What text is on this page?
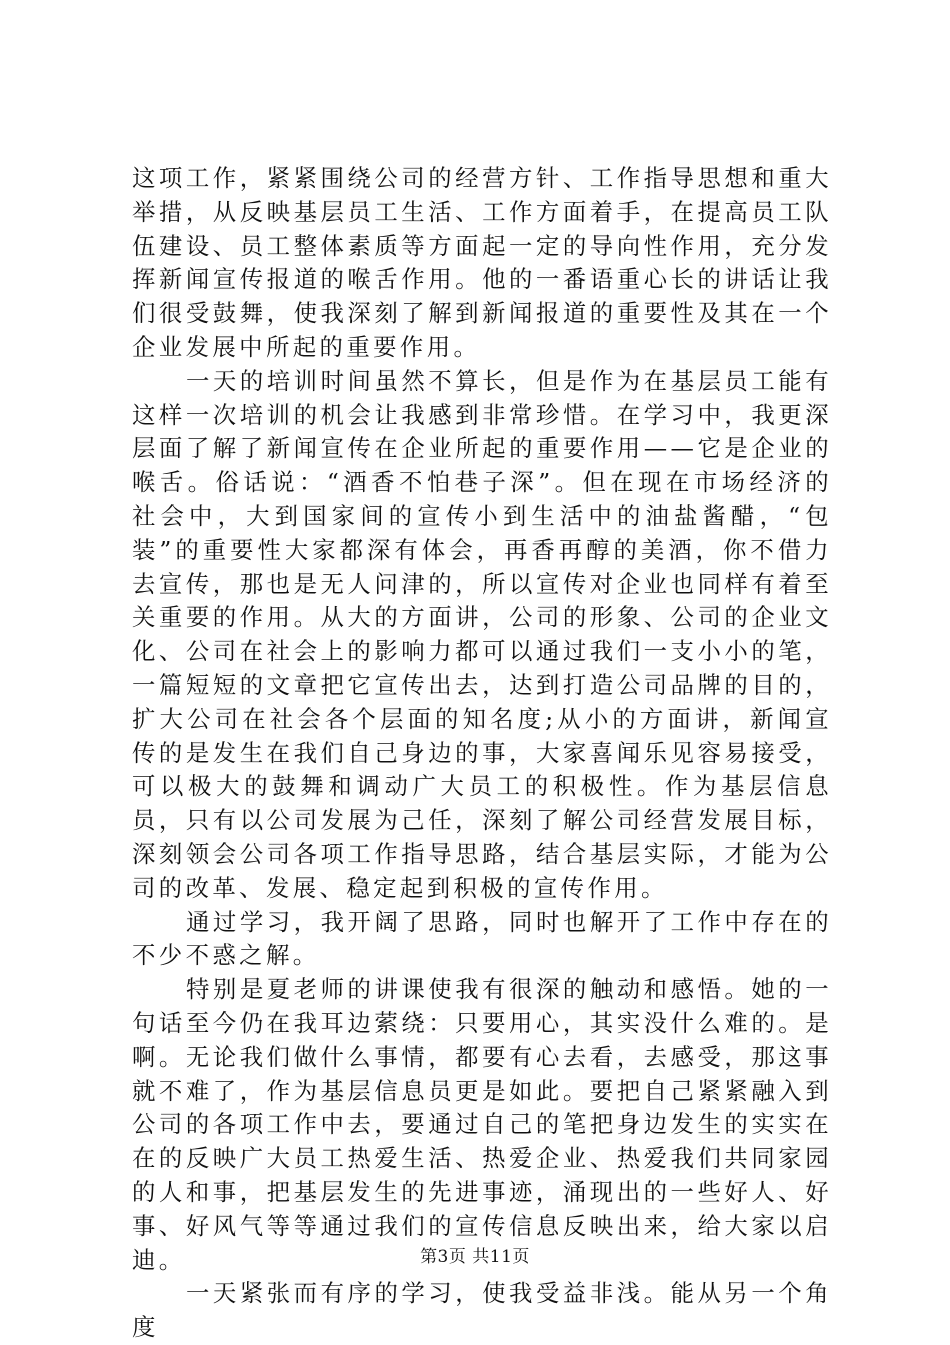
这项工作，紧紧围绕公司的经营方针、工作指导思想和重大举措，从反映基层员工生活、工作方面着手，在提高员工队伍建设、员工整体素质等方面起一定的导向性作用，充分发挥新闻宣传报道的喉舌作用。他的一番语重心长的讲话让我们很受鼓舞，使我深刻了解到新闻报道的重要性及其在一个企业发展中所起的重要作用。

一天的培训时间虽然不算长，但是作为在基层员工能有这样一次培训的机会让我感到非常珍惜。在学习中，我更深层面了解了新闻宣传在企业所起的重要作用——它是企业的喉舌。俗话说：“酒香不怕巷子深”。但在现在市场经济的社会中，大到国家间的宣传小到生活中的油盐酱醋，“包装”的重要性大家都深有体会，再香再醇的美酒，你不借力去宣传，那也是无人问津的，所以宣传对企业也同样有着至关重要的作用。从大的方面讲，公司的形象、公司的企业文化、公司在社会上的影响力都可以通过我们一支小小的笔，一篇短短的文章把它宣传出去，达到打造公司品牌的目的，扩大公司在社会各个层面的知名度;从小的方面讲，新闻宣传的是发生在我们自己身边的事，大家喜闻乐见容易接受，可以极大的鼓舞和调动广大员工的积极性。作为基层信息员，只有以公司发展为己任，深刻了解公司经营发展目标，深刻领会公司各项工作指导思路，结合基层实际，才能为公司的改革、发展、稳定起到积极的宣传作用。

通过学习，我开阔了思路，同时也解开了工作中存在的不少不惑之解。

特别是夏老师的讲课使我有很深的触动和感悟。她的一句话至今仍在我耳边萦绕：只要用心，其实没什么难的。是啊。无论我们做什么事情，都要有心去看，去感受，那这事就不难了，作为基层信息员更是如此。要把自己紧紧融入到公司的各项工作中去，要通过自己的笔把身边发生的实实在在的反映广大员工热爱生活、热爱企业、热爱我们共同家园的人和事，把基层发生的先进事迹，涌现出的一些好人、好事、好风气等等通过我们的宣传信息反映出来，给大家以启迪。

一天紧张而有序的学习，使我受益非浅。能从另一个角度

第3页 共11页
